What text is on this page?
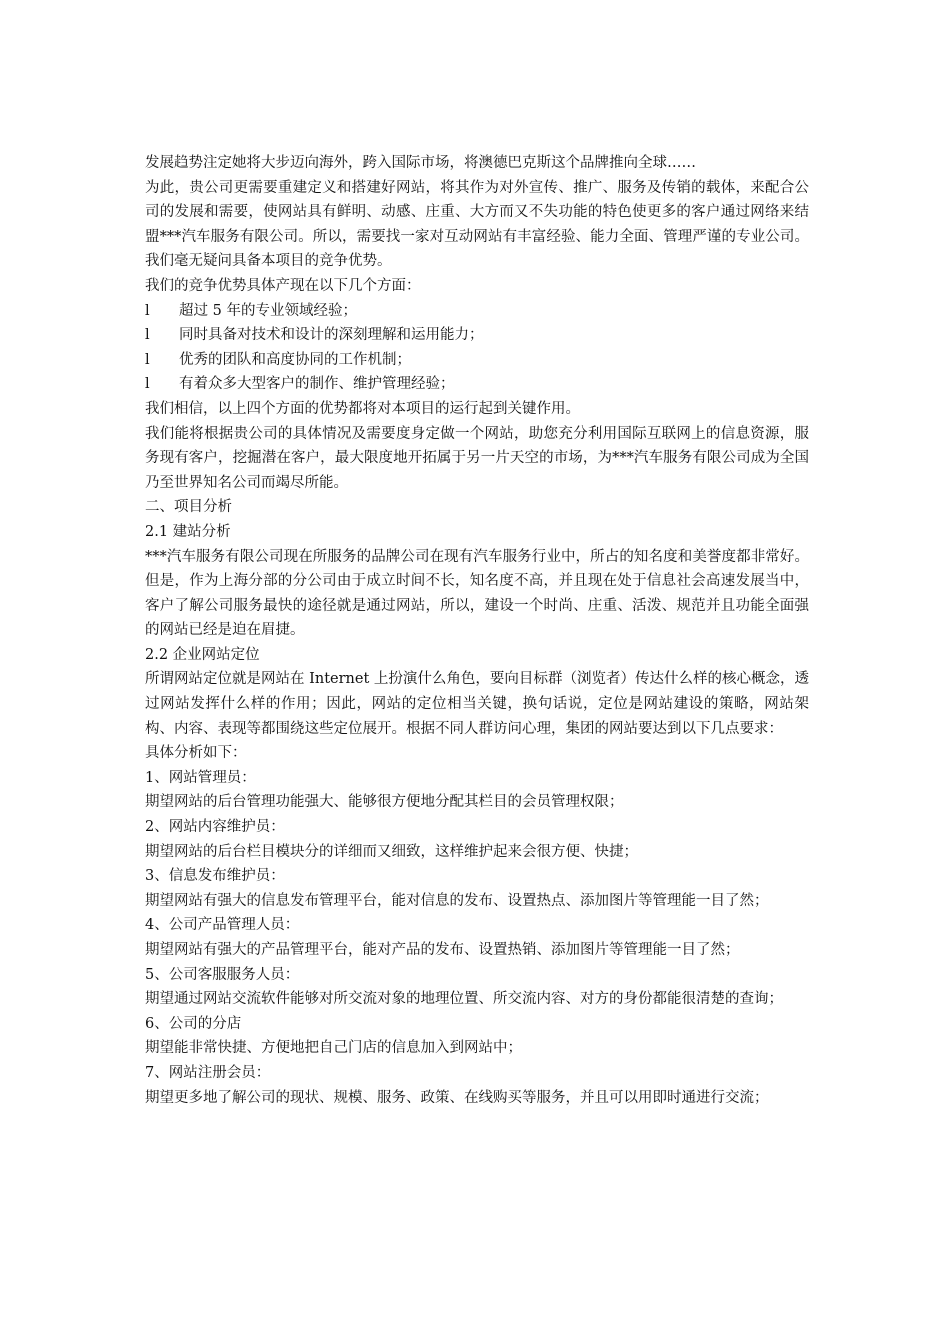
发展趋势注定她将大步迈向海外，跨入国际市场，将澳德巴克斯这个品牌推向全球……

为此，贵公司更需要重建定义和搭建好网站，将其作为对外宣传、推广、服务及传销的载体，来配合公司的发展和需要，使网站具有鲜明、动感、庄重、大方而又不失功能的特色使更多的客户通过网络来结盟***汽车服务有限公司。所以，需要找一家对互动网站有丰富经验、能力全面、管理严谨的专业公司。我们毫无疑问具备本项目的竞争优势。

我们的竞争优势具体产现在以下几个方面：

l	超过 5 年的专业领域经验；
l	同时具备对技术和设计的深刻理解和运用能力；
l	优秀的团队和高度协同的工作机制；
l	有着众多大型客户的制作、维护管理经验；

我们相信，以上四个方面的优势都将对本项目的运行起到关键作用。

我们能将根据贵公司的具体情况及需要度身定做一个网站，助您充分利用国际互联网上的信息资源，服务现有客户，挖掘潜在客户，最大限度地开拓属于另一片天空的市场，为***汽车服务有限公司成为全国乃至世界知名公司而竭尽所能。

二、项目分析

2.1 建站分析

***汽车服务有限公司现在所服务的品牌公司在现有汽车服务行业中，所占的知名度和美誉度都非常好。但是，作为上海分部的分公司由于成立时间不长，知名度不高，并且现在处于信息社会高速发展当中，客户了解公司服务最快的途径就是通过网站，所以，建设一个时尚、庄重、活泼、规范并且功能全面强的网站已经是迫在眉捷。

2.2 企业网站定位

所谓网站定位就是网站在 Internet 上扮演什么角色，要向目标群（浏览者）传达什么样的核心概念，透过网站发挥什么样的作用；因此，网站的定位相当关键，换句话说，定位是网站建设的策略，网站架构、内容、表现等都围绕这些定位展开。根据不同人群访问心理，集团的网站要达到以下几点要求：

具体分析如下：

1、网站管理员：

期望网站的后台管理功能强大、能够很方便地分配其栏目的会员管理权限；

2、网站内容维护员：

期望网站的后台栏目模块分的详细而又细致，这样维护起来会很方便、快捷；

3、信息发布维护员：

期望网站有强大的信息发布管理平台，能对信息的发布、设置热点、添加图片等管理能一目了然；

4、公司产品管理人员：

期望网站有强大的产品管理平台，能对产品的发布、设置热销、添加图片等管理能一目了然；

5、公司客服服务人员：

期望通过网站交流软件能够对所交流对象的地理位置、所交流内容、对方的身份都能很清楚的查询；

6、公司的分店

期望能非常快捷、方便地把自己门店的信息加入到网站中；

7、网站注册会员：

期望更多地了解公司的现状、规模、服务、政策、在线购买等服务，并且可以用即时通进行交流；
